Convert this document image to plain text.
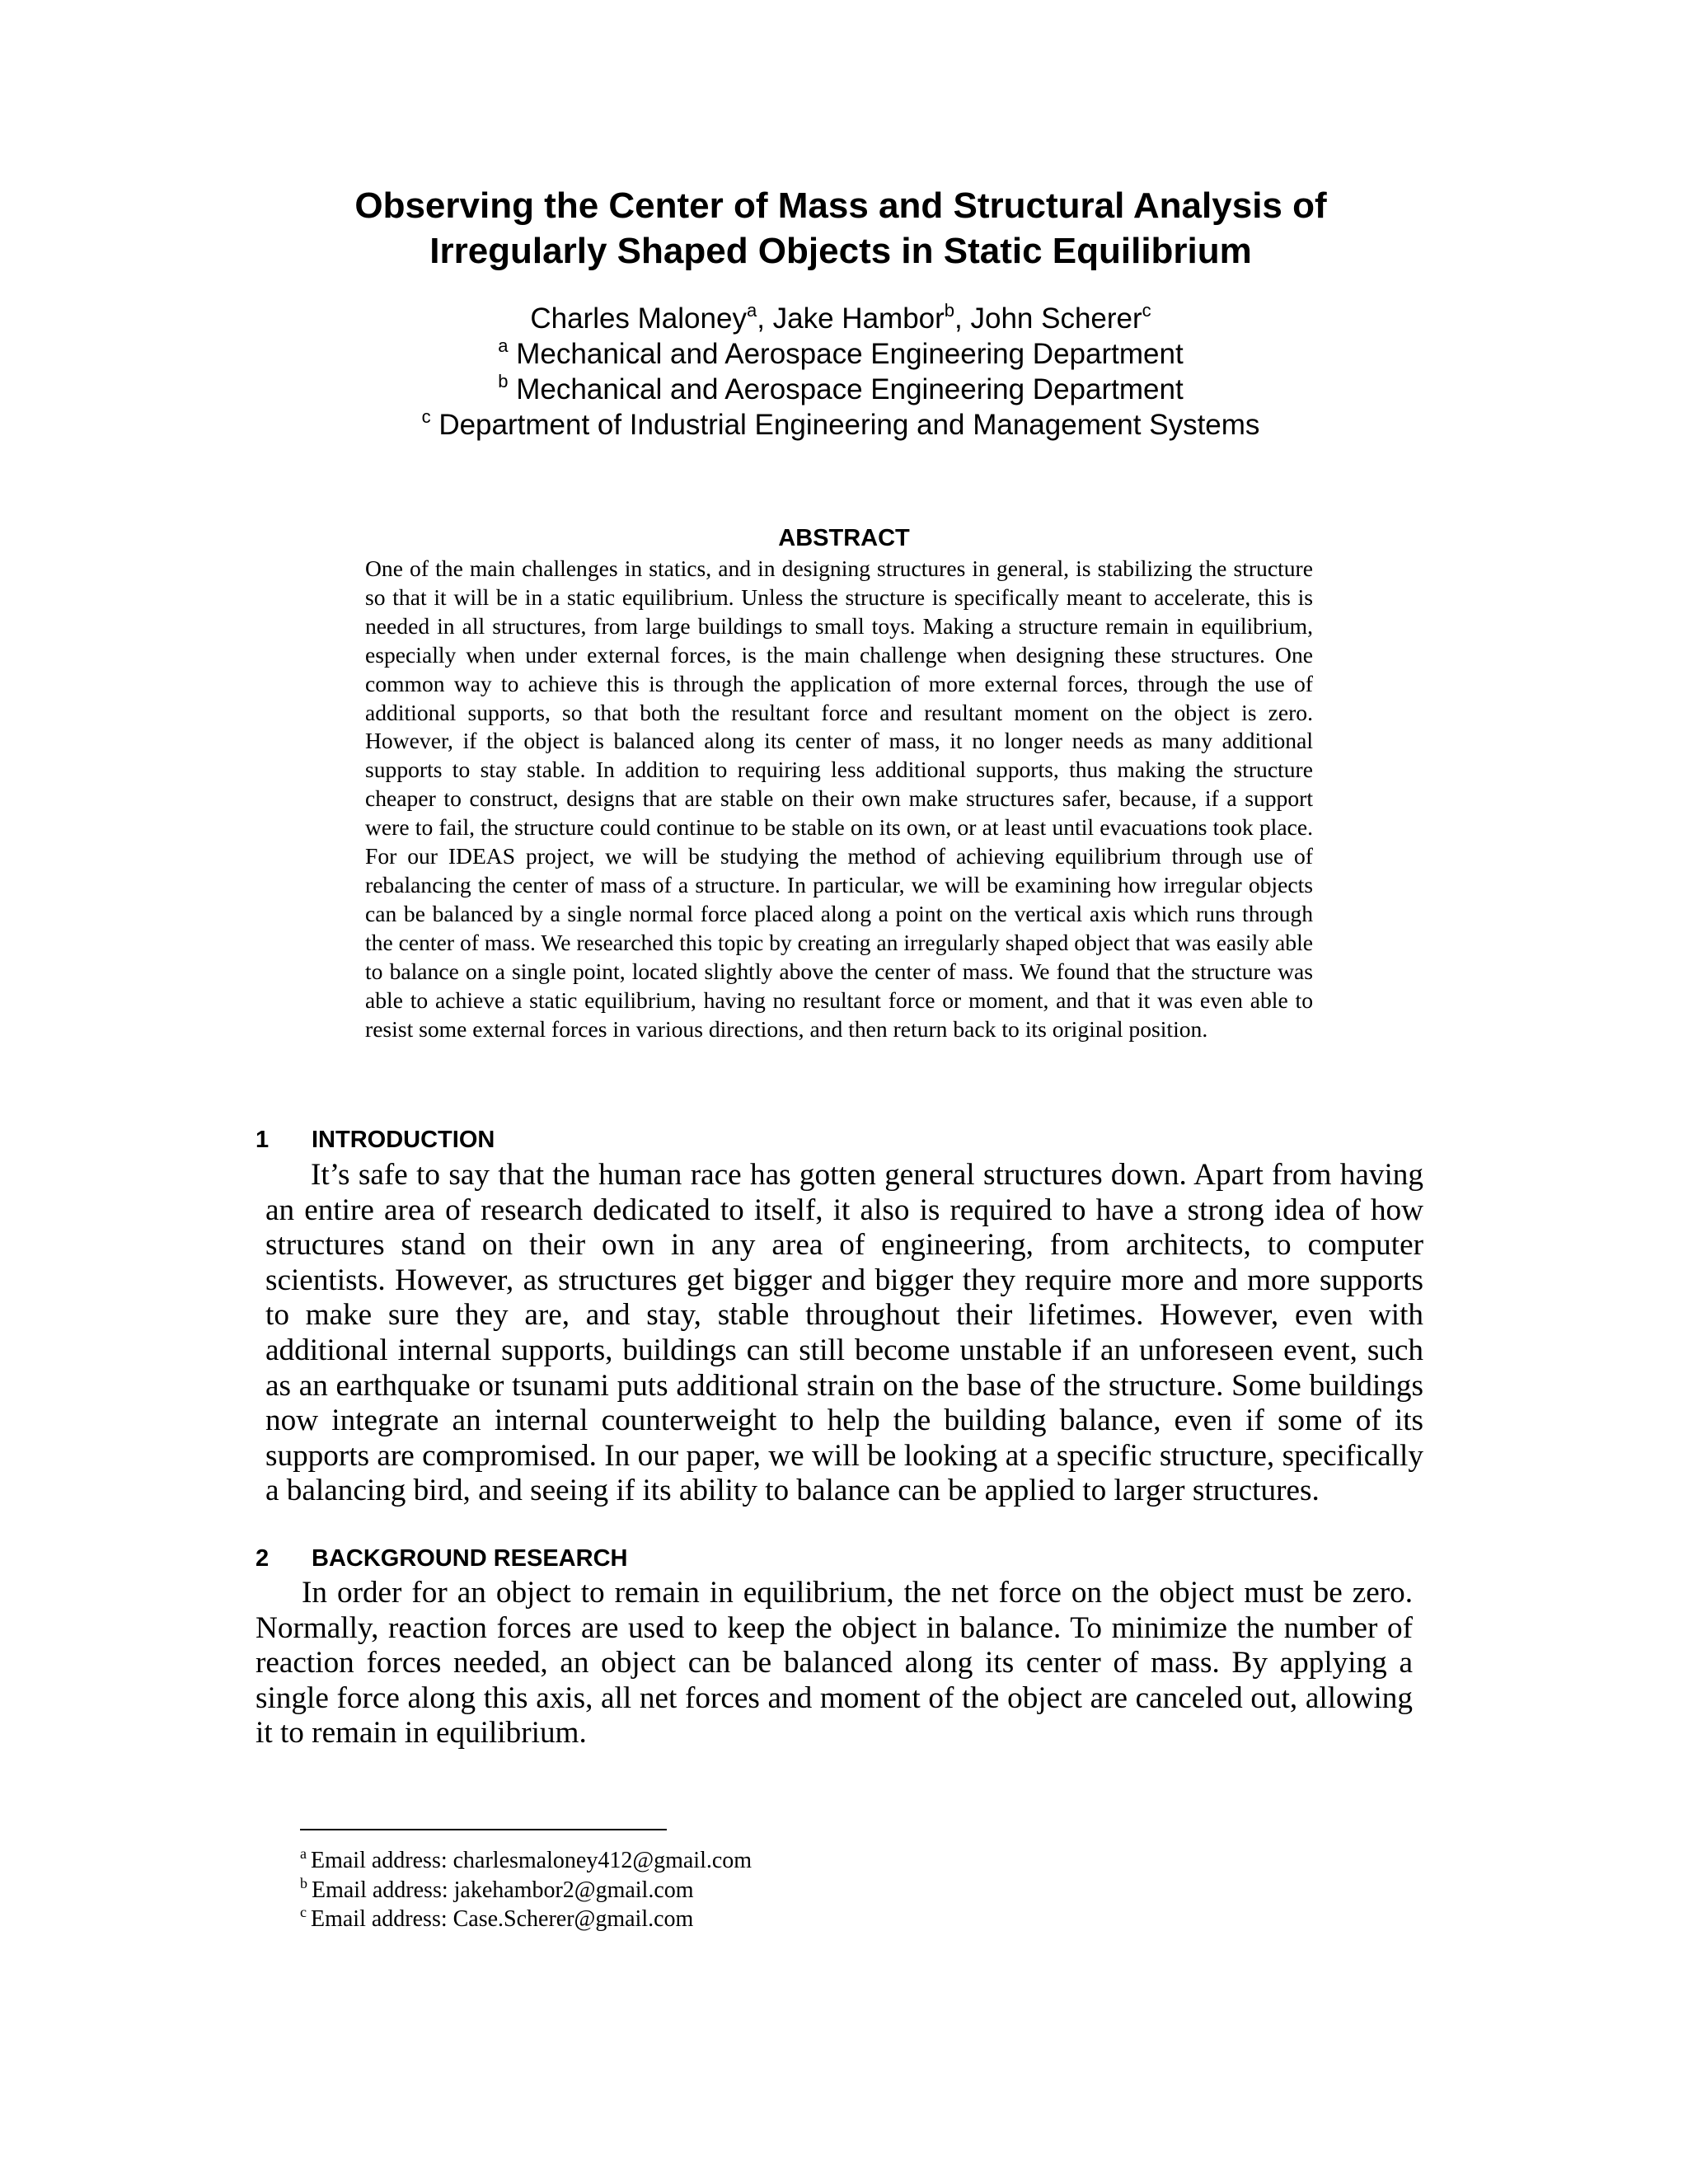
Observing the Center of Mass and Structural Analysis of
Irregularly Shaped Objects in Static Equilibrium
Charles Maloney$^a$, Jake Hambor$^b$, John Scherer$^c$
$^a$ Mechanical and Aerospace Engineering Department
$^b$ Mechanical and Aerospace Engineering Department
$^c$ Department of Industrial Engineering and Management Systems
ABSTRACT
One of the main challenges in statics, and in designing structures in general, is stabilizing the structure so that it will be in a static equilibrium. Unless the structure is specifically meant to accelerate, this is needed in all structures, from large buildings to small toys. Making a structure remain in equilibrium, especially when under external forces, is the main challenge when designing these structures. One common way to achieve this is through the application of more external forces, through the use of additional supports, so that both the resultant force and resultant moment on the object is zero. However, if the object is balanced along its center of mass, it no longer needs as many additional supports to stay stable. In addition to requiring less additional supports, thus making the structure cheaper to construct, designs that are stable on their own make structures safer, because, if a support were to fail, the structure could continue to be stable on its own, or at least until evacuations took place. For our IDEAS project, we will be studying the method of achieving equilibrium through use of rebalancing the center of mass of a structure. In particular, we will be examining how irregular objects can be balanced by a single normal force placed along a point on the vertical axis which runs through the center of mass. We researched this topic by creating an irregularly shaped object that was easily able to balance on a single point, located slightly above the center of mass. We found that the structure was able to achieve a static equilibrium, having no resultant force or moment, and that it was even able to resist some external forces in various directions, and then return back to its original position.
1 INTRODUCTION
It’s safe to say that the human race has gotten general structures down. Apart from having an entire area of research dedicated to itself, it also is required to have a strong idea of how structures stand on their own in any area of engineering, from architects, to computer scientists. However, as structures get bigger and bigger they require more and more supports to make sure they are, and stay, stable throughout their lifetimes. However, even with additional internal supports, buildings can still become unstable if an unforeseen event, such as an earthquake or tsunami puts additional strain on the base of the structure. Some buildings now integrate an internal counterweight to help the building balance, even if some of its supports are compromised. In our paper, we will be looking at a specific structure, specifically a balancing bird, and seeing if its ability to balance can be applied to larger structures.
2 BACKGROUND RESEARCH
In order for an object to remain in equilibrium, the net force on the object must be zero. Normally, reaction forces are used to keep the object in balance. To minimize the number of reaction forces needed, an object can be balanced along its center of mass. By applying a single force along this axis, all net forces and moment of the object are canceled out, allowing it to remain in equilibrium.
$^a$ Email address: charlesmaloney412@gmail.com
$^b$ Email address: jakehambor2@gmail.com
$^c$ Email address: Case.Scherer@gmail.com
